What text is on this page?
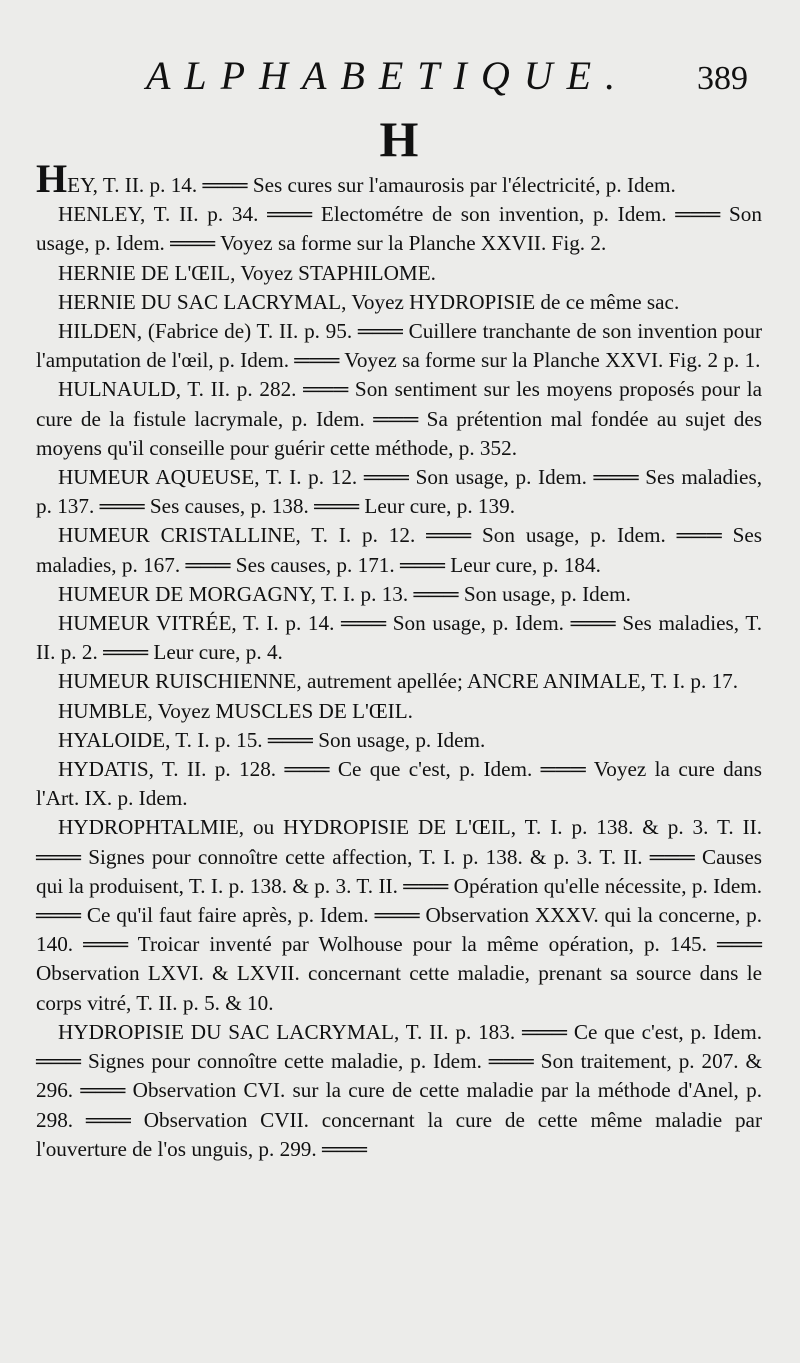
ALPHABETIQUE. 389
H

HEY, T. II. p. 14. ═══ Ses cures sur l'amaurosis par l'électricité, p. Idem.

HENLEY, T. II. p. 34. ═══ Electométre de son invention, p. Idem. ═══ Son usage, p. Idem. ═══ Voyez sa forme sur la Planche XXVII. Fig. 2.

HERNIE DE L'ŒIL, Voyez STAPHILOME.

HERNIE DU SAC LACRYMAL, Voyez HYDROPISIE de ce même sac.

HILDEN, (Fabrice de) T. II. p. 95. ═══ Cuillere tranchante de son invention pour l'amputation de l'œil, p. Idem. ═══ Voyez sa forme sur la Planche XXVI. Fig. 2 p. 1.

HULNAULD, T. II. p. 282. ═══ Son sentiment sur les moyens proposés pour la cure de la fistule lacrymale, p. Idem. ═══ Sa prétention mal fondée au sujet des moyens qu'il conseille pour guérir cette méthode, p. 352.

HUMEUR AQUEUSE, T. I. p. 12. ═══ Son usage, p. Idem. ═══ Ses maladies, p. 137. ═══ Ses causes, p. 138. ═══ Leur cure, p. 139.

HUMEUR CRISTALLINE, T. I. p. 12. ═══ Son usage, p. Idem. ═══ Ses maladies, p. 167. ═══ Ses causes, p. 171. ═══ Leur cure, p. 184.

HUMEUR DE MORGAGNY, T. I. p. 13. ═══ Son usage, p. Idem.

HUMEUR VITRÉE, T. I. p. 14. ═══ Son usage, p. Idem. ═══ Ses maladies, T. II. p. 2. ═══ Leur cure, p. 4.

HUMEUR RUISCHIENNE, autrement apellée; ANCRE ANIMALE, T. I. p. 17.

HUMBLE, Voyez MUSCLES DE L'ŒIL.

HYALOIDE, T. I. p. 15. ═══ Son usage, p. Idem.

HYDATIS, T. II. p. 128. ═══ Ce que c'est, p. Idem. ═══ Voyez la cure dans l'Art. IX. p. Idem.

HYDROPHTALMIE, ou HYDROPISIE DE L'ŒIL, T. I. p. 138. & p. 3. T. II. ═══ Signes pour connoître cette affection, T. I. p. 138. & p. 3. T. II. ═══ Causes qui la produisent, T. I. p. 138. & p. 3. T. II. ═══ Opération qu'elle nécessite, p. Idem. ═══ Ce qu'il faut faire après, p. Idem. ═══ Observation XXXV. qui la concerne, p. 140. ═══ Troicar inventé par Wolhouse pour la même opération, p. 145. ═══ Observation LXVI. & LXVII. concernant cette maladie, prenant sa source dans le corps vitré, T. II. p. 5. & 10.

HYDROPISIE DU SAC LACRYMAL, T. II. p. 183. ═══ Ce que c'est, p. Idem. ═══ Signes pour connoître cette maladie, p. Idem. ═══ Son traitement, p. 207. & 296. ═══ Observation CVI. sur la cure de cette maladie par la méthode d'Anel, p. 298. ═══ Observation CVII. concernant la cure de cette même maladie par l'ouverture de l'os unguis, p. 299. ═══
